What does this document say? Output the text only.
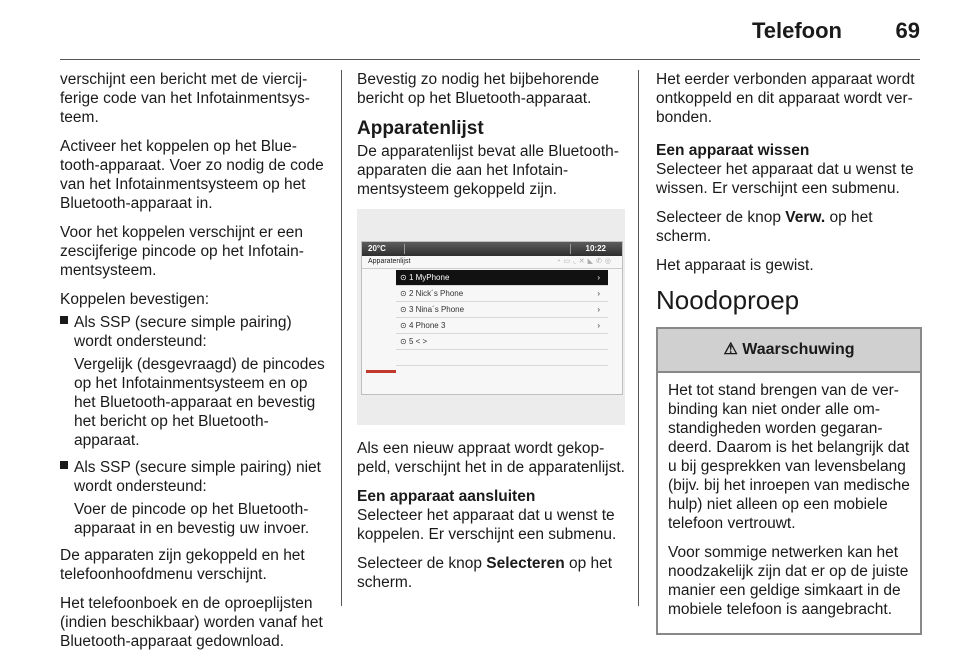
Telefoon 69

verschijnt een bericht met de viercijferige code van het Infotainmentsysteem.

Activeer het koppelen op het Bluetooth-apparaat. Voer zo nodig de code van het Infotainmentsysteem op het Bluetooth-apparaat in.

Voor het koppelen verschijnt er een zescijferige pincode op het Infotainmentsysteem.

Koppelen bevestigen:

Als SSP (secure simple pairing) wordt ondersteund:
Vergelijk (desgevraagd) de pincodes op het Infotainmentsysteem en op het Bluetooth-apparaat en bevestig het bericht op het Bluetooth-apparaat.
Als SSP (secure simple pairing) niet wordt ondersteund:
Voer de pincode op het Bluetooth-apparaat in en bevestig uw invoer.

De apparaten zijn gekoppeld en het telefoonhoofdmenu verschijnt.

Het telefoonboek en de oproeplijsten (indien beschikbaar) worden vanaf het Bluetooth-apparaat gedownload.

Bevestig zo nodig het bijbehorende bericht op het Bluetooth-apparaat.

Apparatenlijst

De apparatenlijst bevat alle Bluetooth-apparaten die aan het Infotainmentsysteem gekoppeld zijn.

20°C	10:22
Apparatenlijst	◔▭◟✕◣✆◎
⊙ 1 MyPhone	›
⊙ 2 Nick´s Phone	›
⊙ 3 Nina´s Phone	›
⊙ 4 Phone 3	›
⊙ 5 < >

Als een nieuw appraat wordt gekoppeld, verschijnt het in de apparatenlijst.

Een apparaat aansluiten

Selecteer het apparaat dat u wenst te koppelen. Er verschijnt een submenu.

Selecteer de knop Selecteren op het scherm.

Het eerder verbonden apparaat wordt ontkoppeld en dit apparaat wordt verbonden.

Een apparaat wissen

Selecteer het apparaat dat u wenst te wissen. Er verschijnt een submenu.

Selecteer de knop Verw. op het scherm.

Het apparaat is gewist.

Noodoproep
⚠ Waarschuwing

Het tot stand brengen van de verbinding kan niet onder alle omstandigheden worden gegarandeerd. Daarom is het belangrijk dat u bij gesprekken van levensbelang (bijv. bij het inroepen van medische hulp) niet alleen op een mobiele telefoon vertrouwt.

Voor sommige netwerken kan het noodzakelijk zijn dat er op de juiste manier een geldige simkaart in de mobiele telefoon is aangebracht.
